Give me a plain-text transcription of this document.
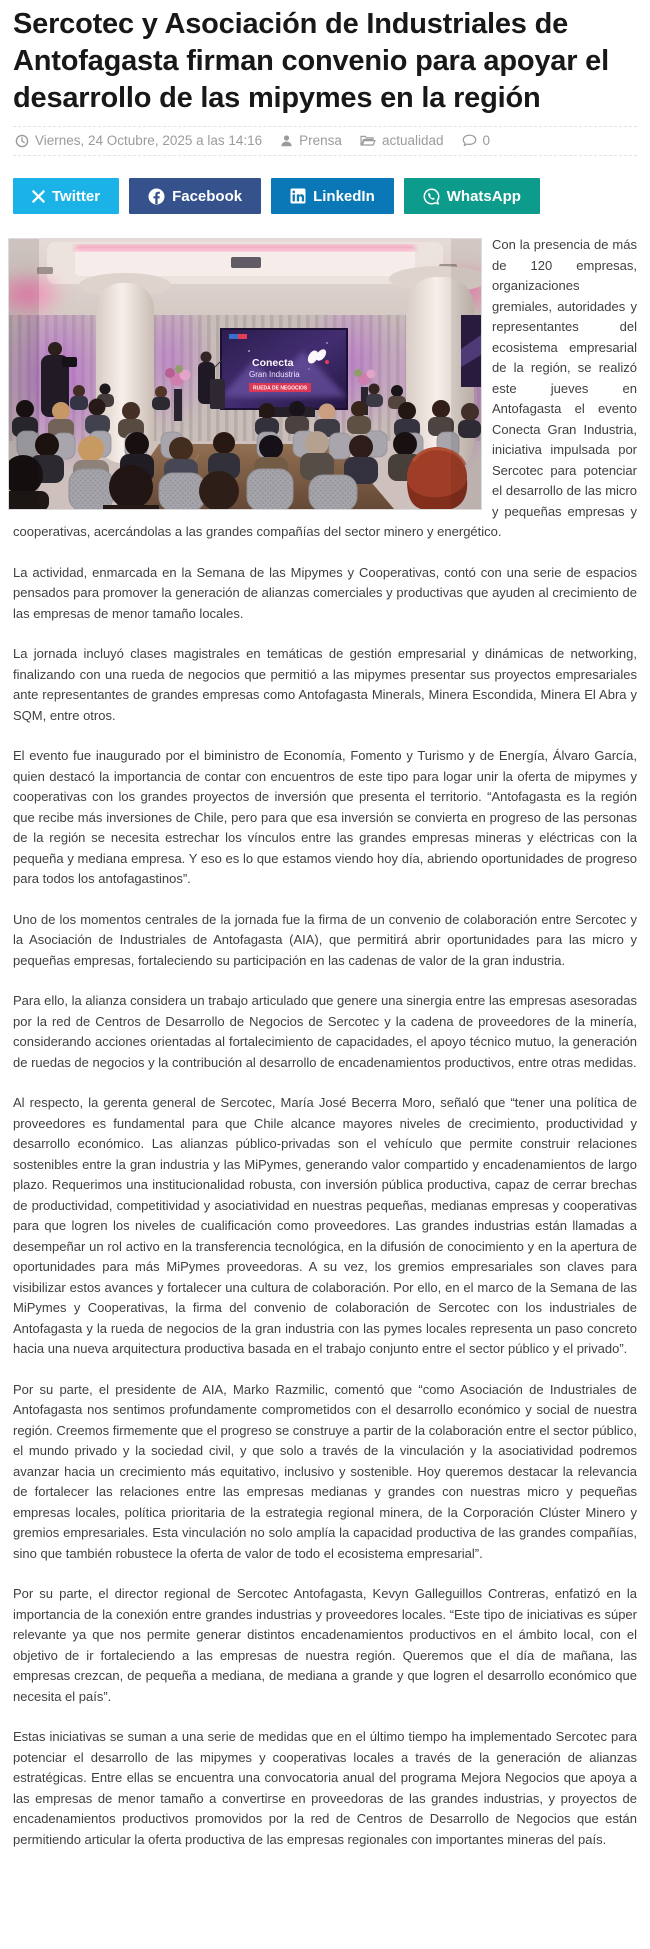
Sercotec y Asociación de Industriales de Antofagasta firman convenio para apoyar el desarrollo de las mipymes en la región
Viernes, 24 Octubre, 2025 a las 14:16	Prensa	actualidad	0
Twitter	Facebook	LinkedIn	WhatsApp
Conecta
Gran Industria
RUEDA DE NEGOCIOS

Con la presencia de más de 120 empresas, organizaciones gremiales, autoridades y representantes del ecosistema empresarial de la región, se realizó este jueves en Antofagasta el evento Conecta Gran Industria, iniciativa impulsada por Sercotec para potenciar el desarrollo de las micro y pequeñas empresas y cooperativas, acercándolas a las grandes compañías del sector minero y energético.

La actividad, enmarcada en la Semana de las Mipymes y Cooperativas, contó con una serie de espacios pensados para promover la generación de alianzas comerciales y productivas que ayuden al crecimiento de las empresas de menor tamaño locales.

La jornada incluyó clases magistrales en temáticas de gestión empresarial y dinámicas de networking, finalizando con una rueda de negocios que permitió a las mipymes presentar sus proyectos empresariales ante representantes de grandes empresas como Antofagasta Minerals, Minera Escondida, Minera El Abra y SQM, entre otros.

El evento fue inaugurado por el biministro de Economía, Fomento y Turismo y de Energía, Álvaro García, quien destacó la importancia de contar con encuentros de este tipo para logar unir la oferta de mipymes y cooperativas con los grandes proyectos de inversión que presenta el territorio. “Antofagasta es la región que recibe más inversiones de Chile, pero para que esa inversión se convierta en progreso de las personas de la región se necesita estrechar los vínculos entre las grandes empresas mineras y eléctricas con la pequeña y mediana empresa. Y eso es lo que estamos viendo hoy día, abriendo oportunidades de progreso para todos los antofagastinos”.

Uno de los momentos centrales de la jornada fue la firma de un convenio de colaboración entre Sercotec y la Asociación de Industriales de Antofagasta (AIA), que permitirá abrir oportunidades para las micro y pequeñas empresas, fortaleciendo su participación en las cadenas de valor de la gran industria.

Para ello, la alianza considera un trabajo articulado que genere una sinergia entre las empresas asesoradas por la red de Centros de Desarrollo de Negocios de Sercotec y la cadena de proveedores de la minería, considerando acciones orientadas al fortalecimiento de capacidades, el apoyo técnico mutuo, la generación de ruedas de negocios y la contribución al desarrollo de encadenamientos productivos, entre otras medidas.

Al respecto, la gerenta general de Sercotec, María José Becerra Moro, señaló que “tener una política de proveedores es fundamental para que Chile alcance mayores niveles de crecimiento, productividad y desarrollo económico. Las alianzas público-privadas son el vehículo que permite construir relaciones sostenibles entre la gran industria y las MiPymes, generando valor compartido y encadenamientos de largo plazo. Requerimos una institucionalidad robusta, con inversión pública productiva, capaz de cerrar brechas de productividad, competitividad y asociatividad en nuestras pequeñas, medianas empresas y cooperativas para que logren los niveles de cualificación como proveedores. Las grandes industrias están llamadas a desempeñar un rol activo en la transferencia tecnológica, en la difusión de conocimiento y en la apertura de oportunidades para más MiPymes proveedoras. A su vez, los gremios empresariales son claves para visibilizar estos avances y fortalecer una cultura de colaboración. Por ello, en el marco de la Semana de las MiPymes y Cooperativas, la firma del convenio de colaboración de Sercotec con los industriales de Antofagasta y la rueda de negocios de la gran industria con las pymes locales representa un paso concreto hacia una nueva arquitectura productiva basada en el trabajo conjunto entre el sector público y el privado”.

Por su parte, el presidente de AIA, Marko Razmilic, comentó que “como Asociación de Industriales de Antofagasta nos sentimos profundamente comprometidos con el desarrollo económico y social de nuestra región. Creemos firmemente que el progreso se construye a partir de la colaboración entre el sector público, el mundo privado y la sociedad civil, y que solo a través de la vinculación y la asociatividad podremos avanzar hacia un crecimiento más equitativo, inclusivo y sostenible. Hoy queremos destacar la relevancia de fortalecer las relaciones entre las empresas medianas y grandes con nuestras micro y pequeñas empresas locales, política prioritaria de la estrategia regional minera, de la Corporación Clúster Minero y gremios empresariales. Esta vinculación no solo amplía la capacidad productiva de las grandes compañías, sino que también robustece la oferta de valor de todo el ecosistema empresarial”.

Por su parte, el director regional de Sercotec Antofagasta, Kevyn Galleguillos Contreras, enfatizó en la importancia de la conexión entre grandes industrias y proveedores locales. “Este tipo de iniciativas es súper relevante ya que nos permite generar distintos encadenamientos productivos en el ámbito local, con el objetivo de ir fortaleciendo a las empresas de nuestra región. Queremos que el día de mañana, las empresas crezcan, de pequeña a mediana, de mediana a grande y que logren el desarrollo económico que necesita el país”.

Estas iniciativas se suman a una serie de medidas que en el último tiempo ha implementado Sercotec para potenciar el desarrollo de las mipymes y cooperativas locales a través de la generación de alianzas estratégicas. Entre ellas se encuentra una convocatoria anual del programa Mejora Negocios que apoya a las empresas de menor tamaño a convertirse en proveedoras de las grandes industrias, y proyectos de encadenamientos productivos promovidos por la red de Centros de Desarrollo de Negocios que están permitiendo articular la oferta productiva de las empresas regionales con importantes mineras del país.
